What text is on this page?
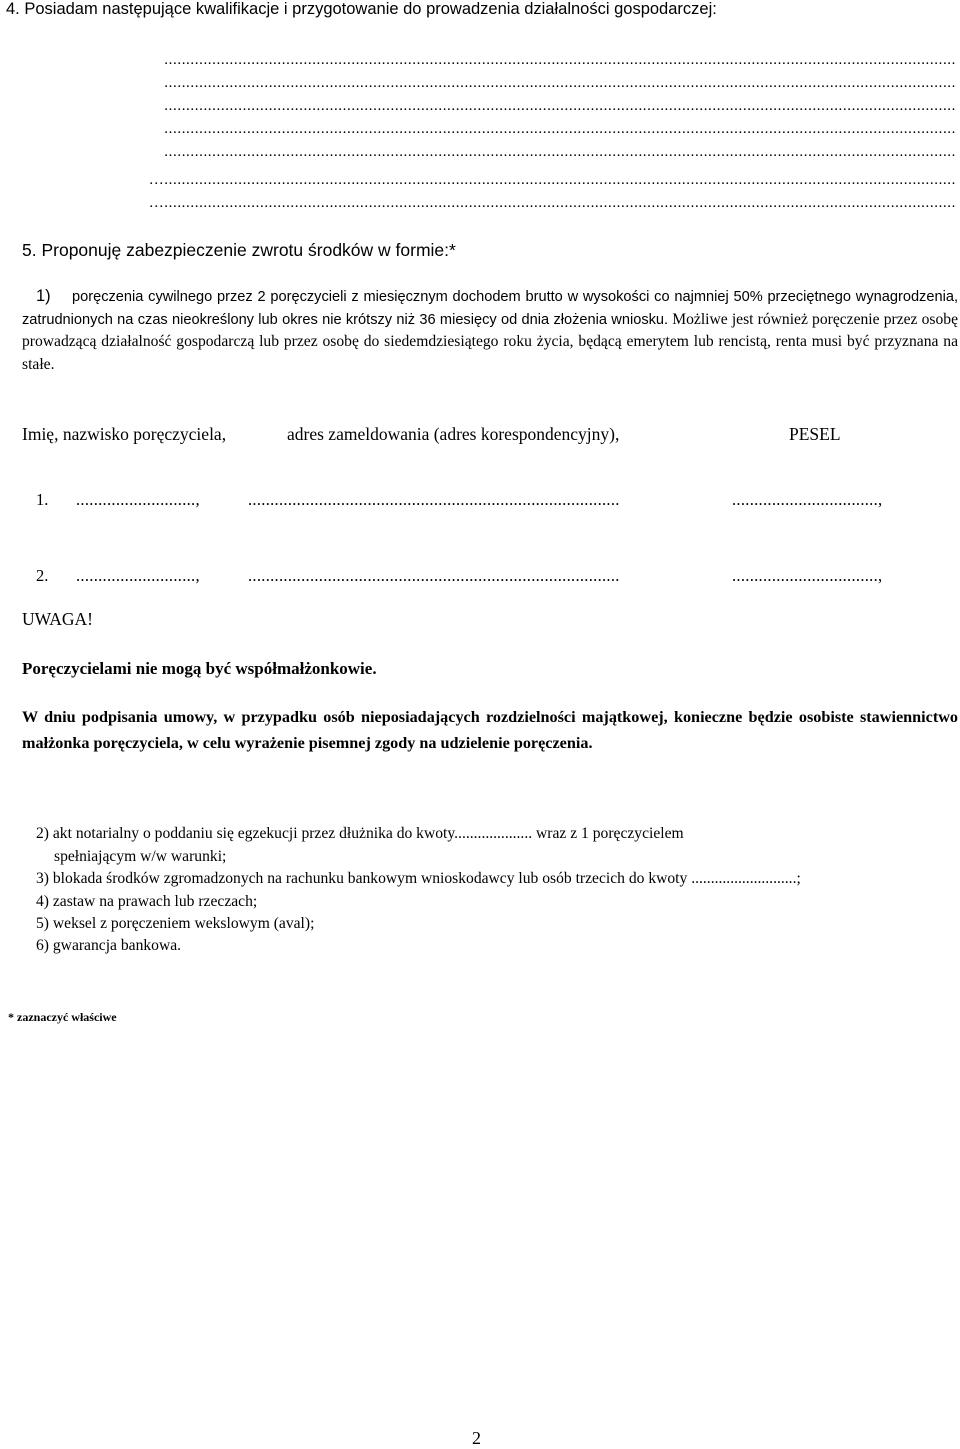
4. Posiadam następujące kwalifikacje i przygotowanie do prowadzenia działalności gospodarczej:
......................................................................................................................................................................................
......................................................................................................................................................................................
......................................................................................................................................................................................
......................................................................................................................................................................................
......................................................................................................................................................................................
…......................................................................................................................................................................................
…......................................................................................................................................................................................
5. Proponuję zabezpieczenie zwrotu środków w formie:*
1)	poręczenia cywilnego przez 2 poręczycieli z miesięcznym dochodem brutto w wysokości co najmniej 50% przeciętnego wynagrodzenia, zatrudnionych na czas nieokreślony lub okres nie krótszy niż 36 miesięcy od dnia złożenia wniosku. Możliwe jest również poręczenie przez osobę prowadzącą działalność gospodarczą lub przez osobę do siedemdziesiątego roku życia, będącą emerytem lub rencistą, renta musi być przyznana na stałe.
Imię, nazwisko poręczyciela,	adres zameldowania (adres korespondencyjny),	PESEL
1. ...........................,	....................................................................................	.................................,
2. ...........................,	....................................................................................	.................................,
UWAGA!
Poręczycielami nie mogą być współmałżonkowie.
W dniu podpisania umowy, w przypadku osób nieposiadających rozdzielności majątkowej, konieczne będzie osobiste stawiennictwo małżonka poręczyciela, w celu wyrażenie pisemnej zgody na udzielenie poręczenia.
2) akt notarialny o poddaniu się egzekucji przez dłużnika do kwoty.................... wraz z 1 poręczycielem
spełniającym w/w warunki;
3) blokada środków zgromadzonych na rachunku bankowym wnioskodawcy lub osób trzecich do kwoty ...........................;
4) zastaw na prawach lub rzeczach;
5) weksel z poręczeniem wekslowym (aval);
6) gwarancja bankowa.
* zaznaczyć właściwe
2
